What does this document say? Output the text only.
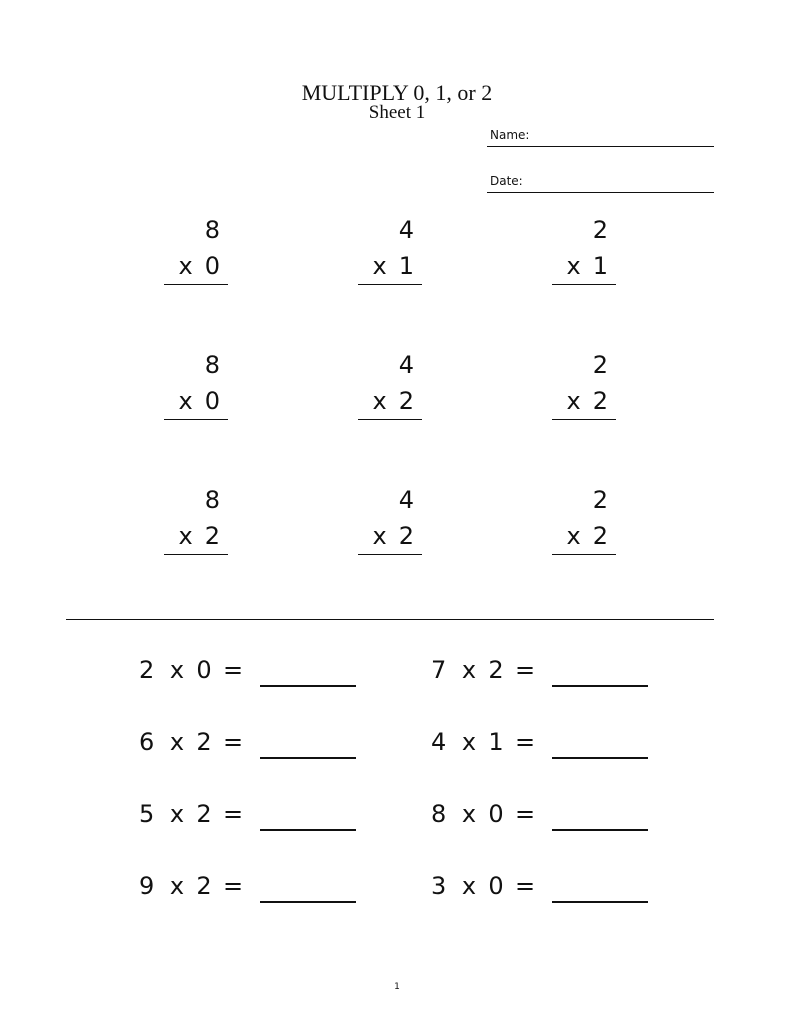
MULTIPLY 0, 1, or 2
Sheet 1
Name:
Date:
8
x 0
4
x 1
2
x 1
8
x 0
4
x 2
2
x 2
8
x 2
4
x 2
2
x 2
2 x 0 =	7 x 2 =
6 x 2 =	4 x 1 =
5 x 2 =	8 x 0 =
9 x 2 =	3 x 0 =
1
